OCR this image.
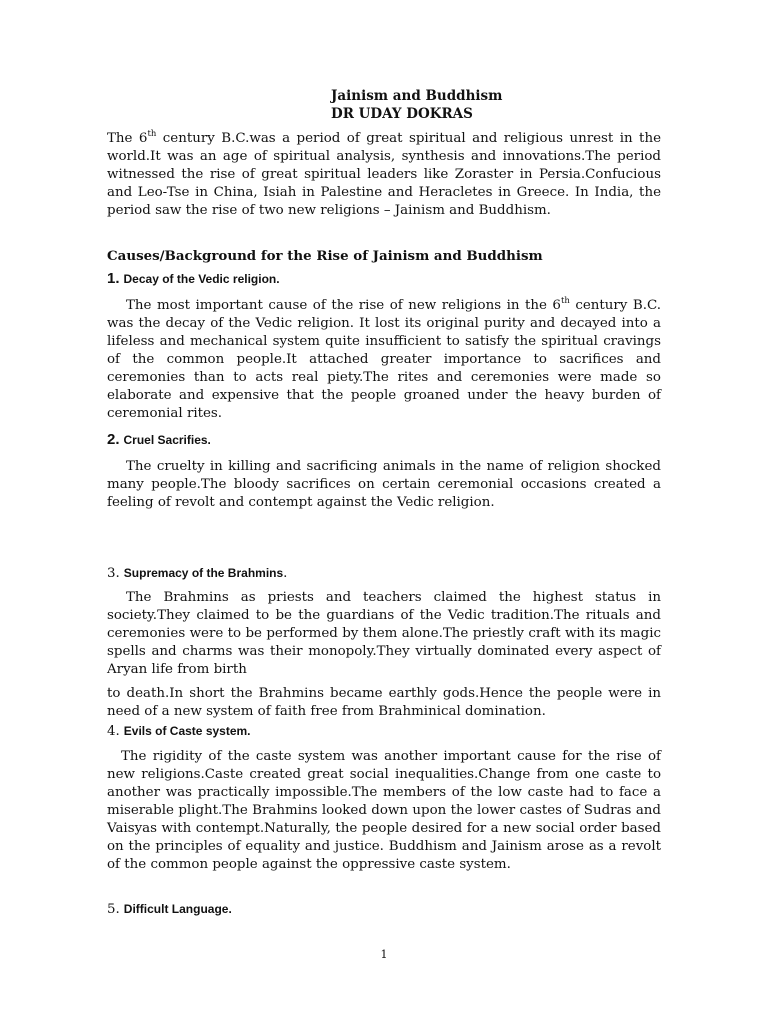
Jainism and Buddhism
DR UDAY DOKRAS

The 6th century B.C.was a period of great spiritual and religious unrest in the world.It was an age of spiritual analysis, synthesis and innovations.The period witnessed the rise of great spiritual leaders like Zoraster in Persia.Confucious and Leo-Tse in China, Isiah in Palestine and Heracletes in Greece. In India, the period saw the rise of two new religions – Jainism and Buddhism.

Causes/Background for the Rise of Jainism and Buddhism
1. Decay of the Vedic religion.

The most important cause of the rise of new religions in the 6th century B.C. was the decay of the Vedic religion. It lost its original purity and decayed into a lifeless and mechanical system quite insufficient to satisfy the spiritual cravings of the common people.It attached greater importance to sacrifices and ceremonies than to acts real piety.The rites and ceremonies were made so elaborate and expensive that the people groaned under the heavy burden of ceremonial rites.

2. Cruel Sacrifies.

The cruelty in killing and sacrificing animals in the name of religion shocked many people.The bloody sacrifices on certain ceremonial occasions created a feeling of revolt and contempt against the Vedic religion.

3. Supremacy of the Brahmins.

The Brahmins as priests and teachers claimed the highest status in society.They claimed to be the guardians of the Vedic tradition.The rituals and ceremonies were to be performed by them alone.The priestly craft with its magic spells and charms was their monopoly.They virtually dominated every aspect of Aryan life from birth

to death.In short the Brahmins became earthly gods.Hence the people were in need of a new system of faith free from Brahminical domination.

4. Evils of Caste system.

The rigidity of the caste system was another important cause for the rise of new religions.Caste created great social inequalities.Change from one caste to another was practically impossible.The members of the low caste had to face a miserable plight.The Brahmins looked down upon the lower castes of Sudras and Vaisyas with contempt.Naturally, the people desired for a new social order based on the principles of equality and justice. Buddhism and Jainism arose as a revolt of the common people against the oppressive caste system.

5. Difficult Language.
1
